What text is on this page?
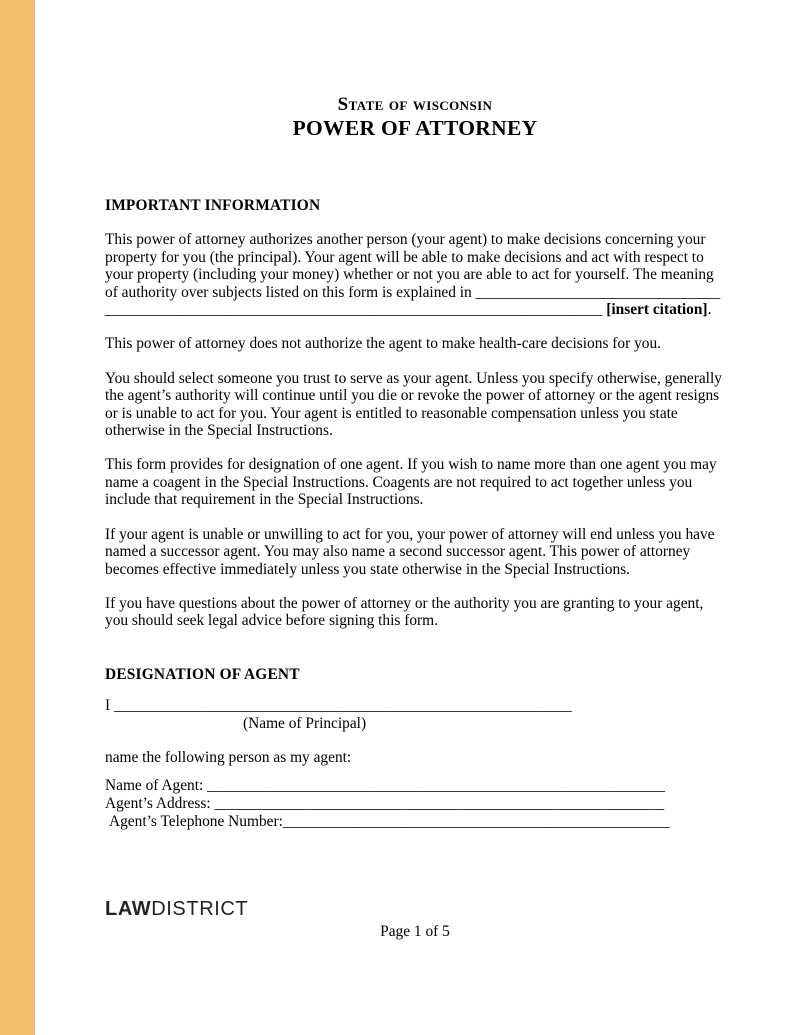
State of wisconsin
POWER OF ATTORNEY
IMPORTANT INFORMATION

This power of attorney authorizes another person (your agent) to make decisions concerning your property for you (the principal). Your agent will be able to make decisions and act with respect to your property (including your money) whether or not you are able to act for yourself. The meaning of authority over subjects listed on this form is explained in ______________________________________________________________________________________________ [insert citation].

This power of attorney does not authorize the agent to make health-care decisions for you.

You should select someone you trust to serve as your agent. Unless you specify otherwise, generally the agent’s authority will continue until you die or revoke the power of attorney or the agent resigns or is unable to act for you. Your agent is entitled to reasonable compensation unless you state otherwise in the Special Instructions.

This form provides for designation of one agent. If you wish to name more than one agent you may name a coagent in the Special Instructions. Coagents are not required to act together unless you include that requirement in the Special Instructions.

If your agent is unable or unwilling to act for you, your power of attorney will end unless you have named a successor agent. You may also name a second successor agent. This power of attorney becomes effective immediately unless you state otherwise in the Special Instructions.

If you have questions about the power of attorney or the authority you are granting to your agent, you should seek legal advice before signing this form.

DESIGNATION OF AGENT
I __________________________________________________________
(Name of Principal)

name the following person as my agent:

Name of Agent: __________________________________________________________
Agent’s Address: _________________________________________________________
Agent’s Telephone Number:_________________________________________________
LAWDISTRICT
Page 1 of 5
